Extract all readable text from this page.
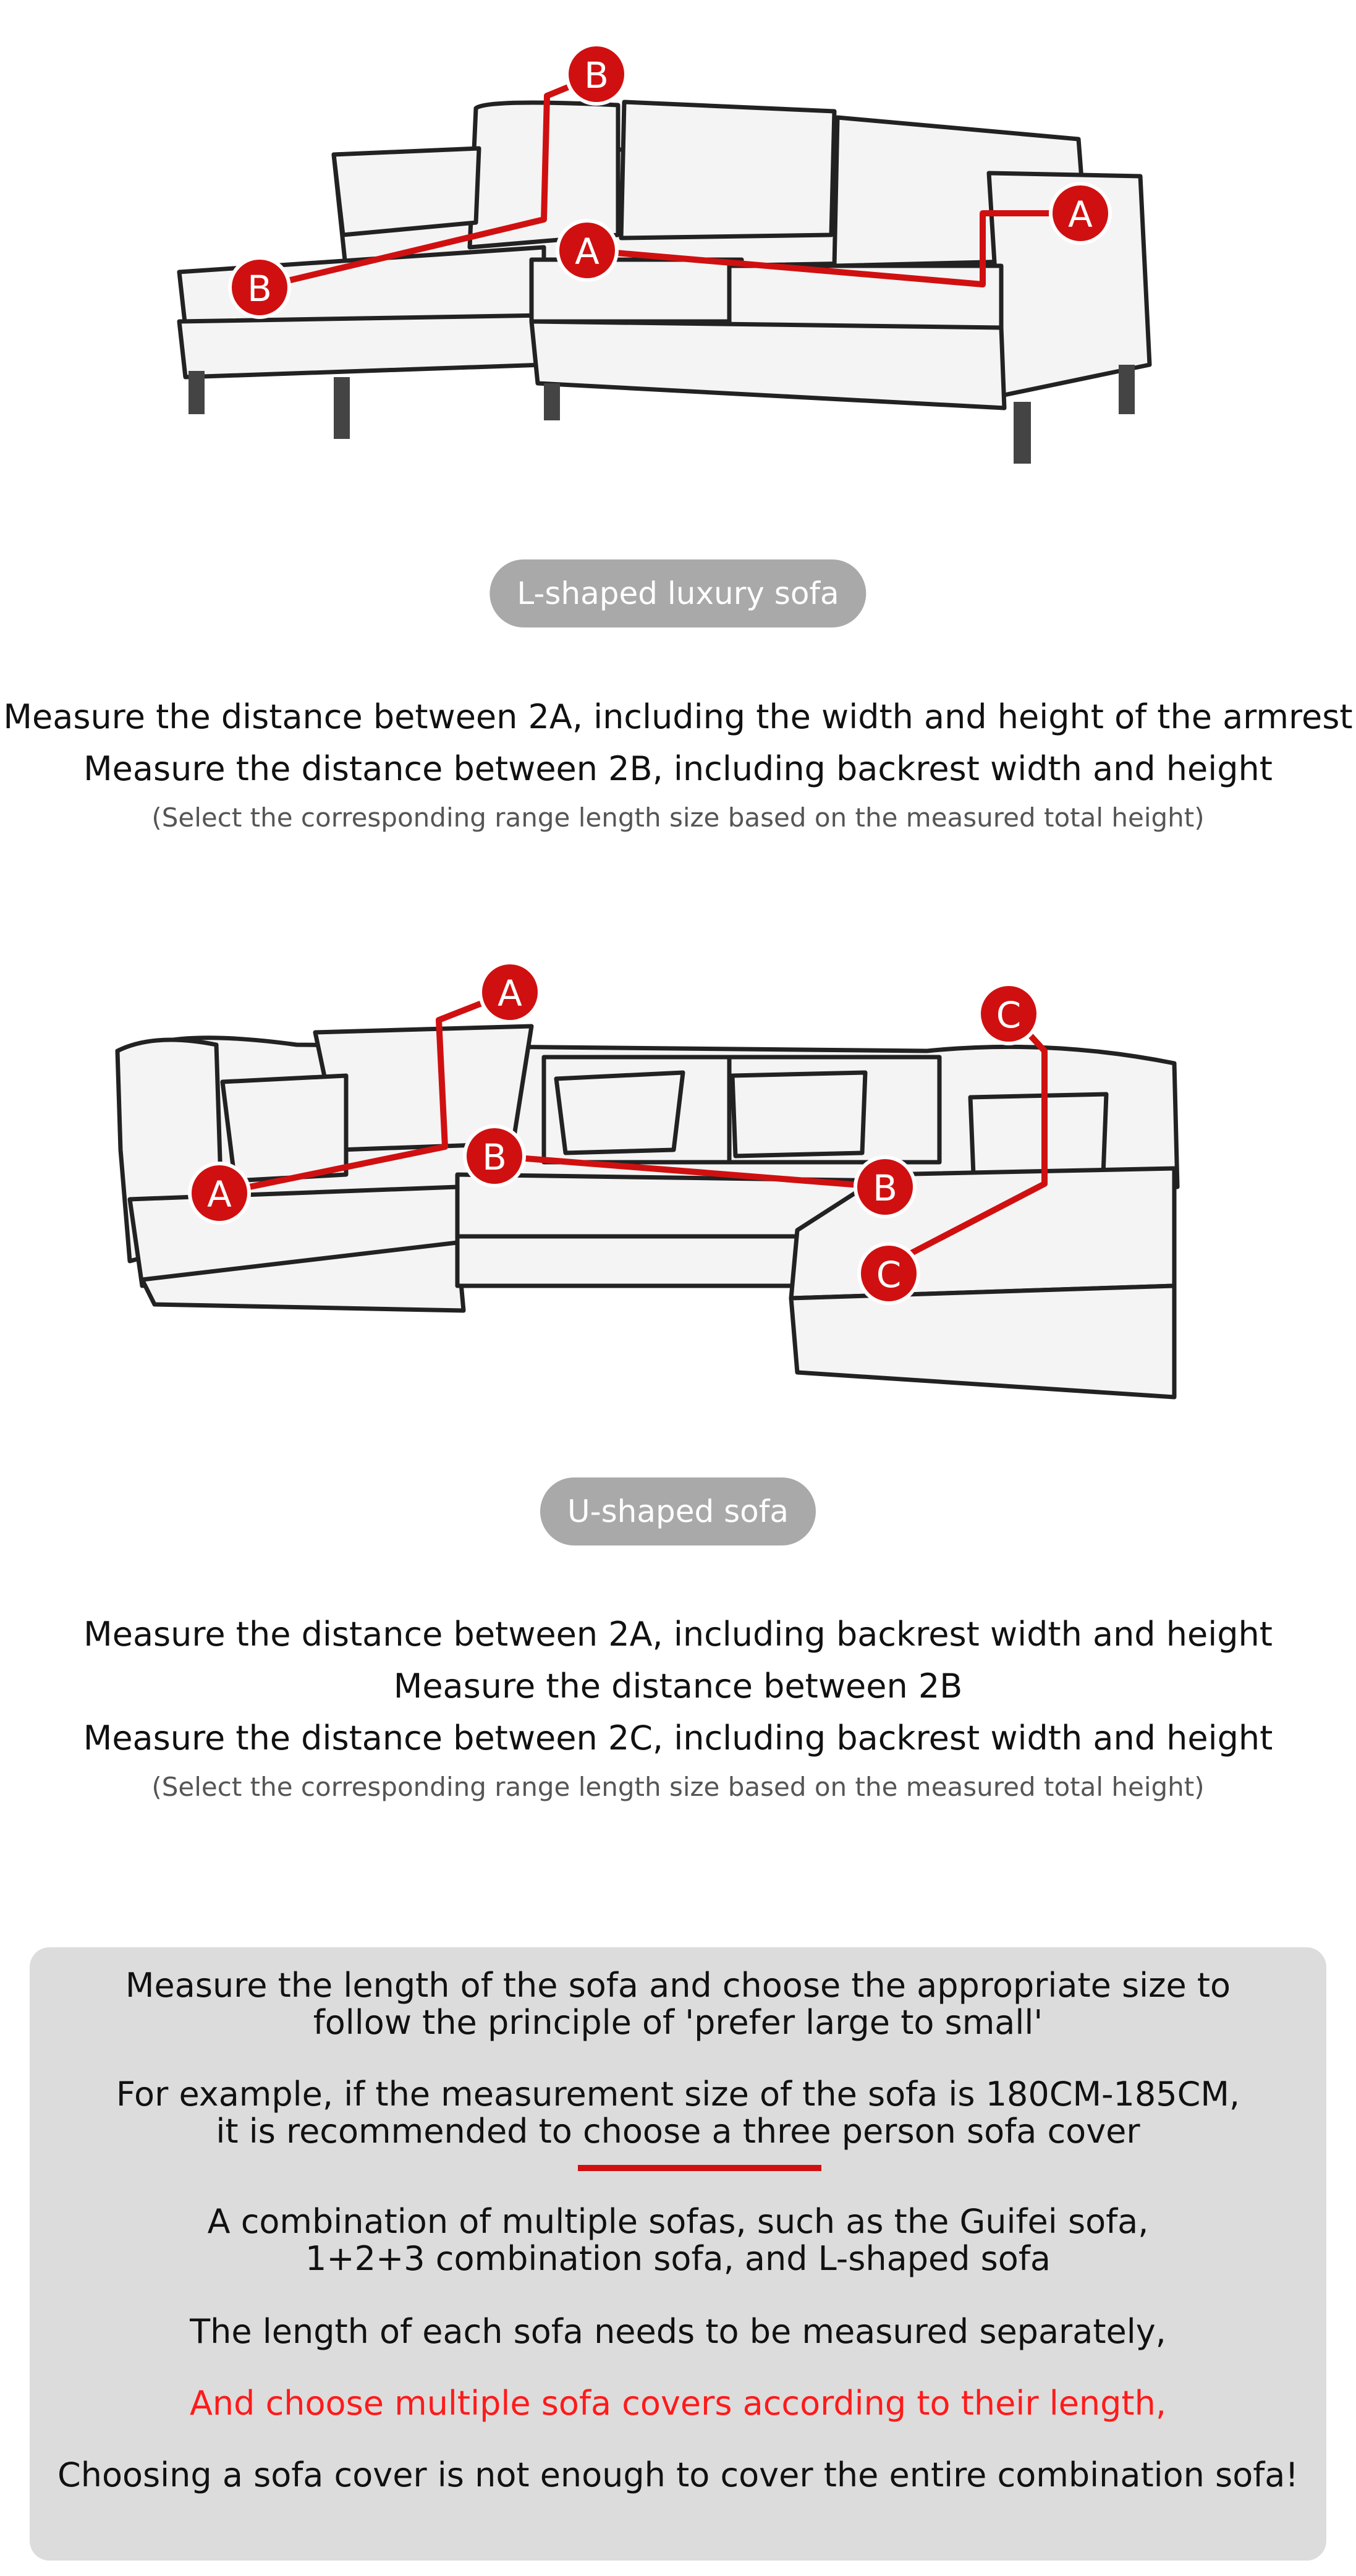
B
B
A
A
L-shaped luxury sofa
Measure the distance between 2A, including the width and height of the armrest
Measure the distance between 2B, including backrest width and height
(Select the corresponding range length size based on the measured total height)
A
A
B
B
C
C
U-shaped sofa
Measure the distance between 2A, including backrest width and height
Measure the distance between 2B
Measure the distance between 2C, including backrest width and height
(Select the corresponding range length size based on the measured total height)
Measure the length of the sofa and choose the appropriate size to
follow the principle of 'prefer large to small'
For example, if the measurement size of the sofa is 180CM-185CM,
it is recommended to choose a three person sofa cover
A combination of multiple sofas, such as the Guifei sofa,
1+2+3 combination sofa, and L-shaped sofa
The length of each sofa needs to be measured separately,
And choose multiple sofa covers according to their length,
Choosing a sofa cover is not enough to cover the entire combination sofa!
